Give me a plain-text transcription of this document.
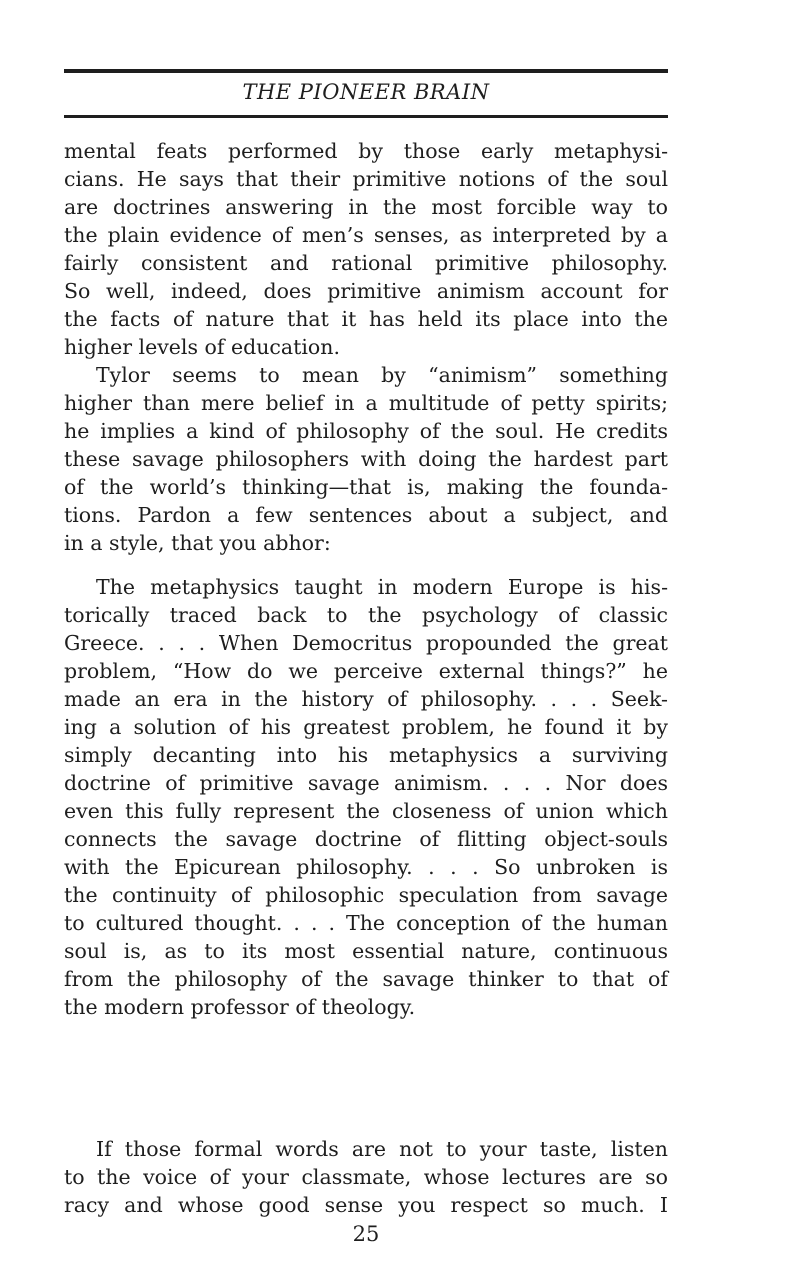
THE PIONEER BRAIN

mental feats performed by those early metaphysi-

cians. He says that their primitive notions of the soul

are doctrines answering in the most forcible way to

the plain evidence of men’s senses, as interpreted by a

fairly consistent and rational primitive philosophy.

So well, indeed, does primitive animism account for

the facts of nature that it has held its place into the

higher levels of education.

Tylor seems to mean by “animism” something

higher than mere belief in a multitude of petty spirits;

he implies a kind of philosophy of the soul. He credits

these savage philosophers with doing the hardest part

of the world’s thinking—that is, making the founda-

tions. Pardon a few sentences about a subject, and

in a style, that you abhor:

The metaphysics taught in modern Europe is his-

torically traced back to the psychology of classic

Greece. . . . When Democritus propounded the great

problem, “How do we perceive external things?” he

made an era in the history of philosophy. . . . Seek-

ing a solution of his greatest problem, he found it by

simply decanting into his metaphysics a surviving

doctrine of primitive savage animism. . . . Nor does

even this fully represent the closeness of union which

connects the savage doctrine of flitting object-souls

with the Epicurean philosophy. . . . So unbroken is

the continuity of philosophic speculation from savage

to cultured thought. . . . The conception of the human

soul is, as to its most essential nature, continuous

from the philosophy of the savage thinker to that of

the modern professor of theology.

If those formal words are not to your taste, listen

to the voice of your classmate, whose lectures are so

racy and whose good sense you respect so much. I

25
